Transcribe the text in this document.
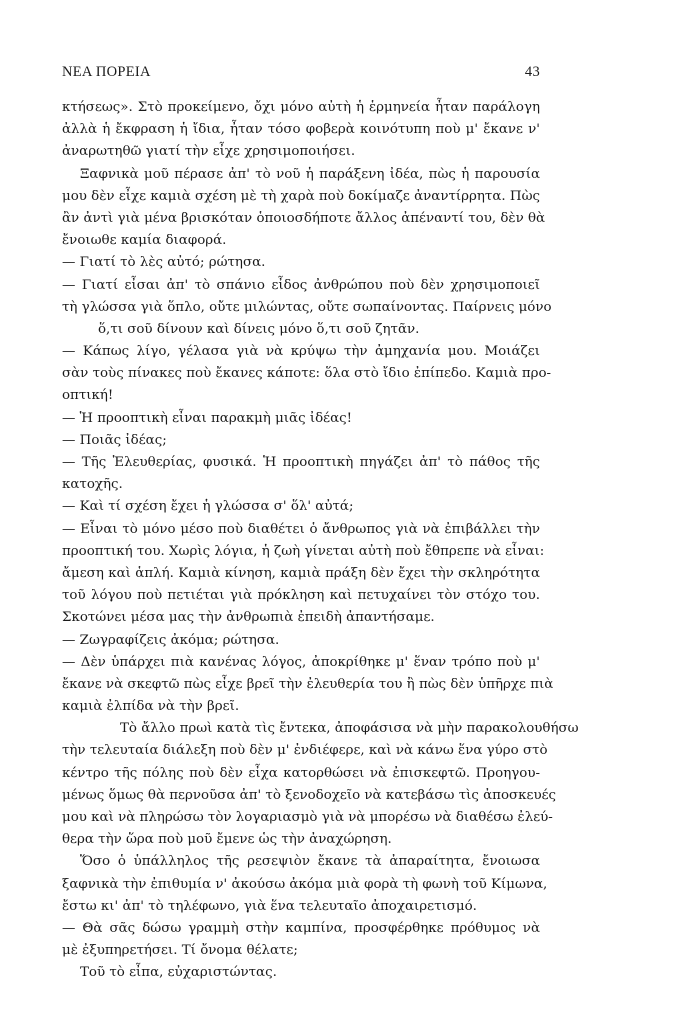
ΝΕΑ ΠΟΡΕΙΑ	43
κτήσεως». Στὸ προκείμενο, ὄχι μόνο αὐτὴ ἡ ἑρμηνεία ἦταν παράλογη
ἀλλὰ ἡ ἔκφραση ἡ ἴδια, ἦταν τόσο φοβερὰ κοινότυπη ποὺ μ' ἔκανε ν'
ἀναρωτηθῶ γιατί τὴν εἶχε χρησιμοποιήσει.
Ξαφνικὰ μοῦ πέρασε ἀπ' τὸ νοῦ ἡ παράξενη ἰδέα, πὼς ἡ παρουσία
μου δὲν εἶχε καμιὰ σχέση μὲ τὴ χαρὰ ποὺ δοκίμαζε ἀναντίρρητα. Πὼς
ἂν ἀντὶ γιὰ μένα βρισκόταν ὁποιοσδήποτε ἄλλος ἀπέναντί του, δὲν θὰ
ἔνοιωθε καμία διαφορά.
— Γιατί τὸ λὲς αὐτό; ρώτησα.
— Γιατί εἶσαι ἀπ' τὸ σπάνιο εἶδος ἀνθρώπου ποὺ δὲν χρησιμοποιεῖ
τὴ γλώσσα γιὰ ὅπλο, οὔτε μιλώντας, οὔτε σωπαίνοντας. Παίρνεις μόνο
ὅ,τι σοῦ δίνουν καὶ δίνεις μόνο ὅ,τι σοῦ ζητᾶν.
— Κάπως λίγο, γέλασα γιὰ νὰ κρύψω τὴν ἀμηχανία μου. Μοιάζει
σὰν τοὺς πίνακες ποὺ ἔκανες κάποτε: ὅλα στὸ ἴδιο ἐπίπεδο. Καμιὰ προ-
οπτική!
— Ἡ προοπτικὴ εἶναι παρακμὴ μιᾶς ἰδέας!
— Ποιᾶς ἰδέας;
— Τῆς Ἐλευθερίας, φυσικά. Ἡ προοπτικὴ πηγάζει ἀπ' τὸ πάθος τῆς
κατοχῆς.
— Καὶ τί σχέση ἔχει ἡ γλώσσα σ' ὅλ' αὐτά;
— Εἶναι τὸ μόνο μέσο ποὺ διαθέτει ὁ ἄνθρωπος γιὰ νὰ ἐπιβάλλει τὴν
προοπτική του. Χωρὶς λόγια, ἡ ζωὴ γίνεται αὐτὴ ποὺ ἔθπρεπε νὰ εἶναι:
ἄμεση καὶ ἁπλή. Καμιὰ κίνηση, καμιὰ πράξη δὲν ἔχει τὴν σκληρότητα
τοῦ λόγου ποὺ πετιέται γιὰ πρόκληση καὶ πετυχαίνει τὸν στόχο του.
Σκοτώνει μέσα μας τὴν ἀνθρωπιὰ ἐπειδὴ ἀπαντήσαμε.
— Ζωγραφίζεις ἀκόμα; ρώτησα.
— Δὲν ὑπάρχει πιὰ κανένας λόγος, ἀποκρίθηκε μ' ἕναν τρόπο ποὺ μ'
ἔκανε νὰ σκεφτῶ πὼς εἶχε βρεῖ τὴν ἐλευθερία του ἢ πὼς δὲν ὑπῆρχε πιὰ
καμιὰ ἐλπίδα νὰ τὴν βρεῖ.
Τὸ ἄλλο πρωὶ κατὰ τὶς ἔντεκα, ἀποφάσισα νὰ μὴν παρακολουθήσω
τὴν τελευταία διάλεξη ποὺ δὲν μ' ἐνδιέφερε, καὶ νὰ κάνω ἕνα γύρο στὸ
κέντρο τῆς πόλης ποὺ δὲν εἶχα κατορθώσει νὰ ἐπισκεφτῶ. Προηγου-
μένως ὅμως θὰ περνοῦσα ἀπ' τὸ ξενοδοχεῖο νὰ κατεβάσω τὶς ἀποσκευές
μου καὶ νὰ πληρώσω τὸν λογαριασμὸ γιὰ νὰ μπορέσω νὰ διαθέσω ἐλεύ-
θερα τὴν ὥρα ποὺ μοῦ ἔμενε ὡς τὴν ἀναχώρηση.
Ὅσο ὁ ὑπάλληλος τῆς ρεσεψιὸν ἔκανε τὰ ἀπαραίτητα, ἔνοιωσα
ξαφνικὰ τὴν ἐπιθυμία ν' ἀκούσω ἀκόμα μιὰ φορὰ τὴ φωνὴ τοῦ Κίμωνα,
ἔστω κι' ἀπ' τὸ τηλέφωνο, γιὰ ἕνα τελευταῖο ἀποχαιρετισμό.
— Θὰ σᾶς δώσω γραμμὴ στὴν καμπίνα, προσφέρθηκε πρόθυμος νὰ
μὲ ἐξυπηρετήσει. Τί ὄνομα θέλατε;
Τοῦ τὸ εἶπα, εὐχαριστώντας.
